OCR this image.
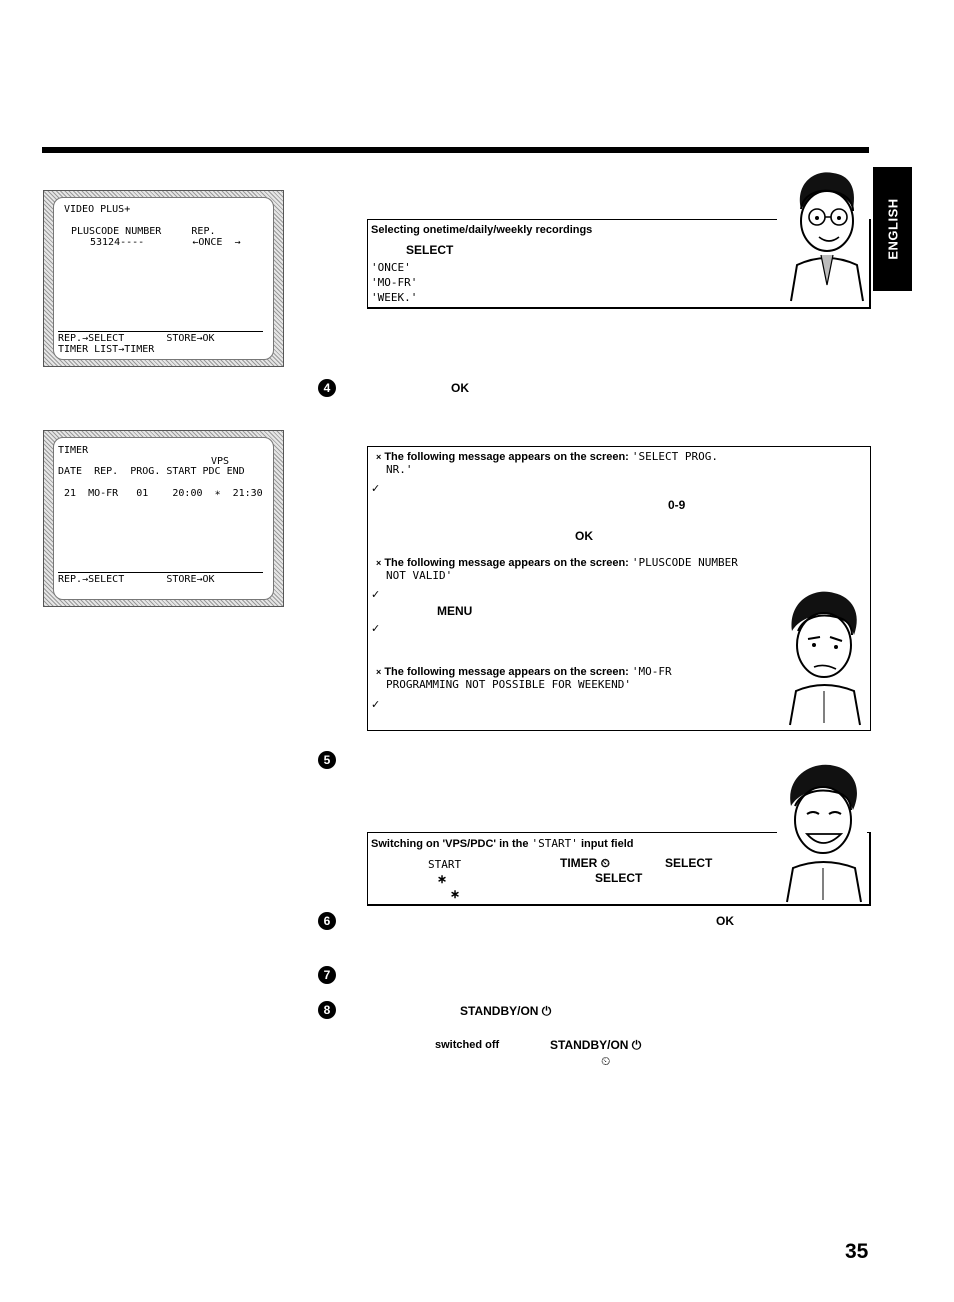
ENGLISH
VIDEO PLUS+
PLUSCODE NUMBER     REP.
53124----        ←ONCE  →
REP.→SELECT       STORE→OK
TIMER LIST→TIMER
TIMER
VPS
DATE  REP.  PROG. START PDC END
21  MO-FR   01    20:00  ∗  21:30
REP.→SELECT       STORE→OK
Selecting onetime/daily/weekly recordings
SELECT
'ONCE'
'MO-FR'
'WEEK.'
4	OK
× The following message appears on the screen: 'SELECT PROG.
NR.'
✓
0-9
OK
× The following message appears on the screen: 'PLUSCODE NUMBER
NOT VALID'
✓
MENU
✓
× The following message appears on the screen: 'MO-FR
PROGRAMMING NOT POSSIBLE FOR WEEKEND'
✓
5
Switching on 'VPS/PDC' in the 'START' input field
START	TIMER ⏲	SELECT
∗	SELECT
∗
6	OK
7
8	STANDBY/ON ⏻
switched off	STANDBY/ON ⏻
⏲
35
